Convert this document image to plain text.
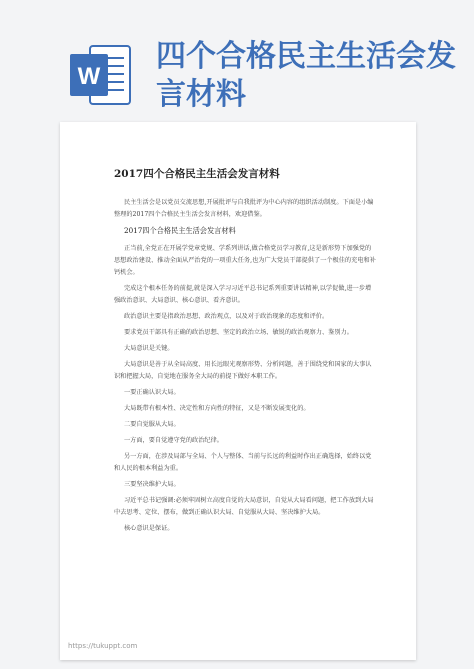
W
四个合格民主生活会发言材料
2017四个合格民主生活会发言材料

民主生活会是以党员交流思想,开展批评与自我批评为中心内容的组织活动制度。下面是小编整理的2017四个合格民主生活会发言材料，欢迎借鉴。

2017四个合格民主生活会发言材料

正当前,全党正在开展学党章党规、学系列讲话,做合格党员学习教育,这是新形势下加强党的思想政治建设、推动全面从严治党的一项重大任务,也为广大党员干部提供了一个极佳的充电和补钙机会。

完成这个根本任务的前提,就是深入学习习近平总书记系列重要讲话精神,以学促做,进一步增强政治意识、大局意识、核心意识、看齐意识。

政治意识主要是指政治思想、政治观点，以及对于政治现象的态度和评价。

要求党员干部具有正确的政治思想、坚定的政治立场、敏锐的政治观察力、鉴别力。

大局意识是关键。

大局意识是善于从全局高度、用长远眼光观察形势、分析问题，善于围绕党和国家的大事认识和把握大局，自觉地在服务全大局的前提下做好本职工作。

一要正确认识大局。

大局既带有根本性、决定性和方向性的特征，又是不断发展变化的。

二要自觉服从大局。

一方面，要自觉遵守党的政治纪律。

另一方面，在涉及局部与全局、个人与整体、当前与长远的利益时作出正确选择，始终以党和人民的根本利益为重。

三要坚决维护大局。

习近平总书记强调:必须牢固树立高度自觉的大局意识，自觉从大局看问题，把工作放到大局中去思考、定位、摆布，做到正确认识大局、自觉服从大局、坚决维护大局。

核心意识是保证。

https://tukuppt.com
